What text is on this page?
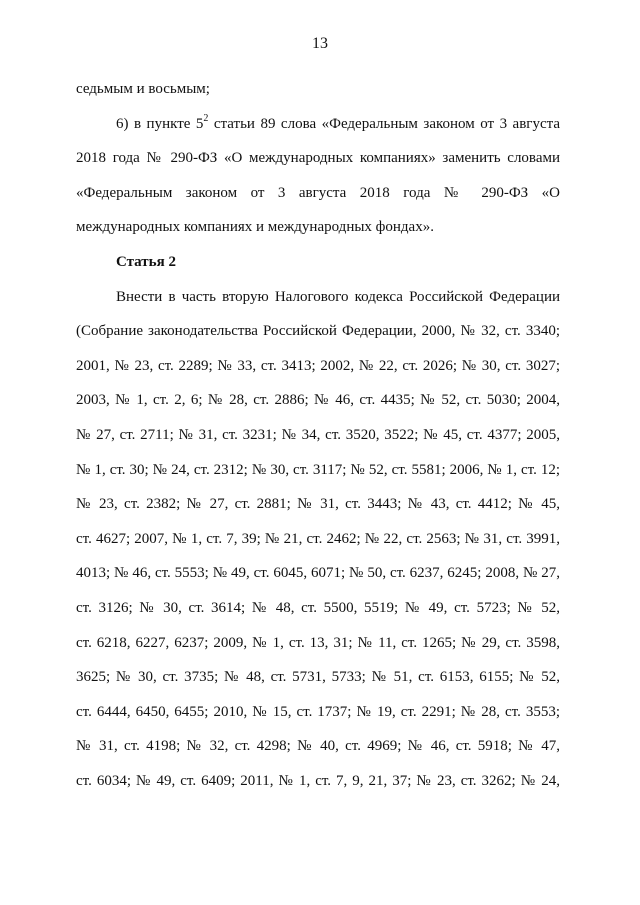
13
седьмым и восьмым;
6) в пункте $5^2$ статьи 89 слова «Федеральным законом от 3 августа
2018 года № 290-ФЗ «О международных компаниях» заменить словами
«Федеральным законом от 3 августа 2018 года № 290-ФЗ «О
международных компаниях и международных фондах».
Статья 2
Внести в часть вторую Налогового кодекса Российской Федерации
(Собрание законодательства Российской Федерации, 2000, № 32, ст. 3340;
2001, № 23, ст. 2289; № 33, ст. 3413; 2002, № 22, ст. 2026; № 30, ст. 3027;
2003, № 1, ст. 2, 6; № 28, ст. 2886; № 46, ст. 4435; № 52, ст. 5030; 2004,
№ 27, ст. 2711; № 31, ст. 3231; № 34, ст. 3520, 3522; № 45, ст. 4377; 2005,
№ 1, ст. 30; № 24, ст. 2312; № 30, ст. 3117; № 52, ст. 5581; 2006, № 1, ст. 12;
№ 23, ст. 2382; № 27, ст. 2881; № 31, ст. 3443; № 43, ст. 4412; № 45,
ст. 4627; 2007, № 1, ст. 7, 39; № 21, ст. 2462; № 22, ст. 2563; № 31, ст. 3991,
4013; № 46, ст. 5553; № 49, ст. 6045, 6071; № 50, ст. 6237, 6245; 2008, № 27,
ст. 3126; № 30, ст. 3614; № 48, ст. 5500, 5519; № 49, ст. 5723; № 52,
ст. 6218, 6227, 6237; 2009, № 1, ст. 13, 31; № 11, ст. 1265; № 29, ст. 3598,
3625; № 30, ст. 3735; № 48, ст. 5731, 5733; № 51, ст. 6153, 6155; № 52,
ст. 6444, 6450, 6455; 2010, № 15, ст. 1737; № 19, ст. 2291; № 28, ст. 3553;
№ 31, ст. 4198; № 32, ст. 4298; № 40, ст. 4969; № 46, ст. 5918; № 47,
ст. 6034; № 49, ст. 6409; 2011, № 1, ст. 7, 9, 21, 37; № 23, ст. 3262; № 24,
